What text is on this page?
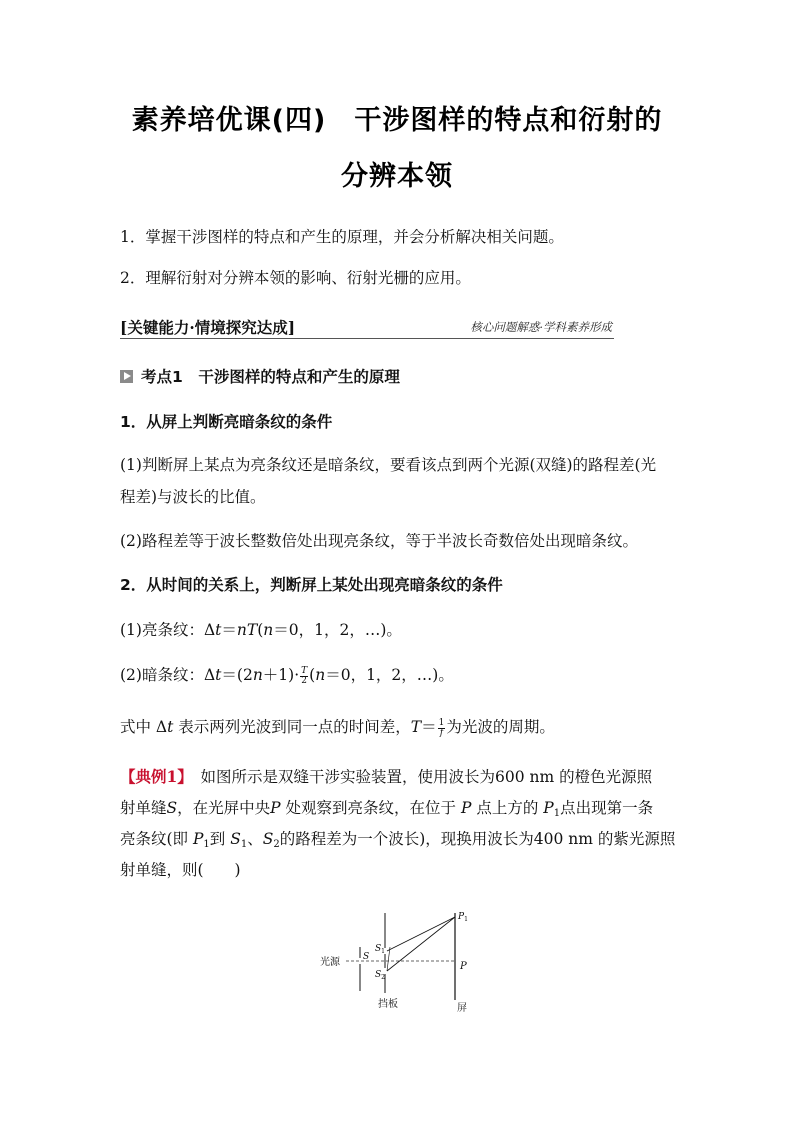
素养培优课(四) 干涉图样的特点和衍射的
分辨本领
1．掌握干涉图样的特点和产生的原理，并会分析解决相关问题。
2．理解衍射对分辨本领的影响、衍射光栅的应用。
[关键能力·情境探究达成]	核心问题解惑·学科素养形成
考点1　 干涉图样的特点和产生的原理
1．从屏上判断亮暗条纹的条件
(1)判断屏上某点为亮条纹还是暗条纹，要看该点到两个光源(双缝)的路程差(光
程差)与波长的比值。
(2)路程差等于波长整数倍处出现亮条纹，等于半波长奇数倍处出现暗条纹。
2．从时间的关系上，判断屏上某处出现亮暗条纹的条件
(1)亮条纹：Δt＝nT(n＝0，1，2，…)。
(2)暗条纹：$\Delta t=(2n+1)\cdot \frac{T}{2} (n=0$，1，2，…)。
式中 Δt 表示两列光波到同一点的时间差，$T= \frac{1}{f}$ 为光波的周期。
【典例1】　如图所示是双缝干涉实验装置，使用波长为600 nm 的橙色光源照
射单缝S，在光屏中央P 处观察到亮条纹，在位于 P 点上方的 $P_1$点出现第一条
亮条纹(即 $P_1$到 $S_1$、$S_2$的路程差为一个波长)，现换用波长为400 nm 的紫光源照
射单缝，则(　　)
光源	S
$S_1$
$S_2$
$P_1$
P
挡板	屏
